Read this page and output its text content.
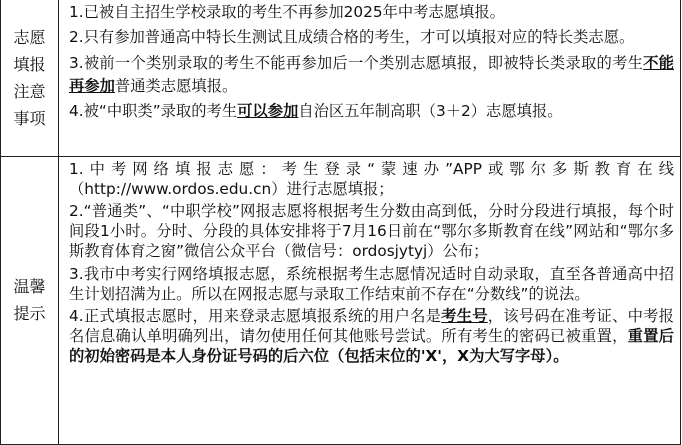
志愿填报注意事项	1.已被自主招生学校录取的考生不再参加2025年中考志愿填报。

2.只有参加普通高中特长生测试且成绩合格的考生，才可以填报对应的特长类志愿。

3.被前一个类别录取的考生不能再参加后一个类别志愿填报，即被特长类录取的考生不能再参加普通类志愿填报。

4.被“中职类”录取的考生可以参加自治区五年制高职（3＋2）志愿填报。

温馨提示	1.中考网络填报志愿：考生登录“蒙速办”APP或鄂尔多斯教育在线（http://www.ordos.edu.cn）进行志愿填报；

2.“普通类”、“中职学校”网报志愿将根据考生分数由高到低，分时分段进行填报，每个时间段1小时。分时、分段的具体安排将于7月16日前在“鄂尔多斯教育在线”网站和“鄂尔多斯教育体育之窗”微信公众平台（微信号：ordosjytyj）公布；

3.我市中考实行网络填报志愿，系统根据考生志愿情况适时自动录取，直至各普通高中招生计划招满为止。所以在网报志愿与录取工作结束前不存在“分数线”的说法。

4.正式填报志愿时，用来登录志愿填报系统的用户名是考生号，该号码在准考证、中考报名信息确认单明确列出，请勿使用任何其他账号尝试。所有考生的密码已被重置，重置后的初始密码是本人身份证号码的后六位（包括末位的'X'，X为大写字母）。
